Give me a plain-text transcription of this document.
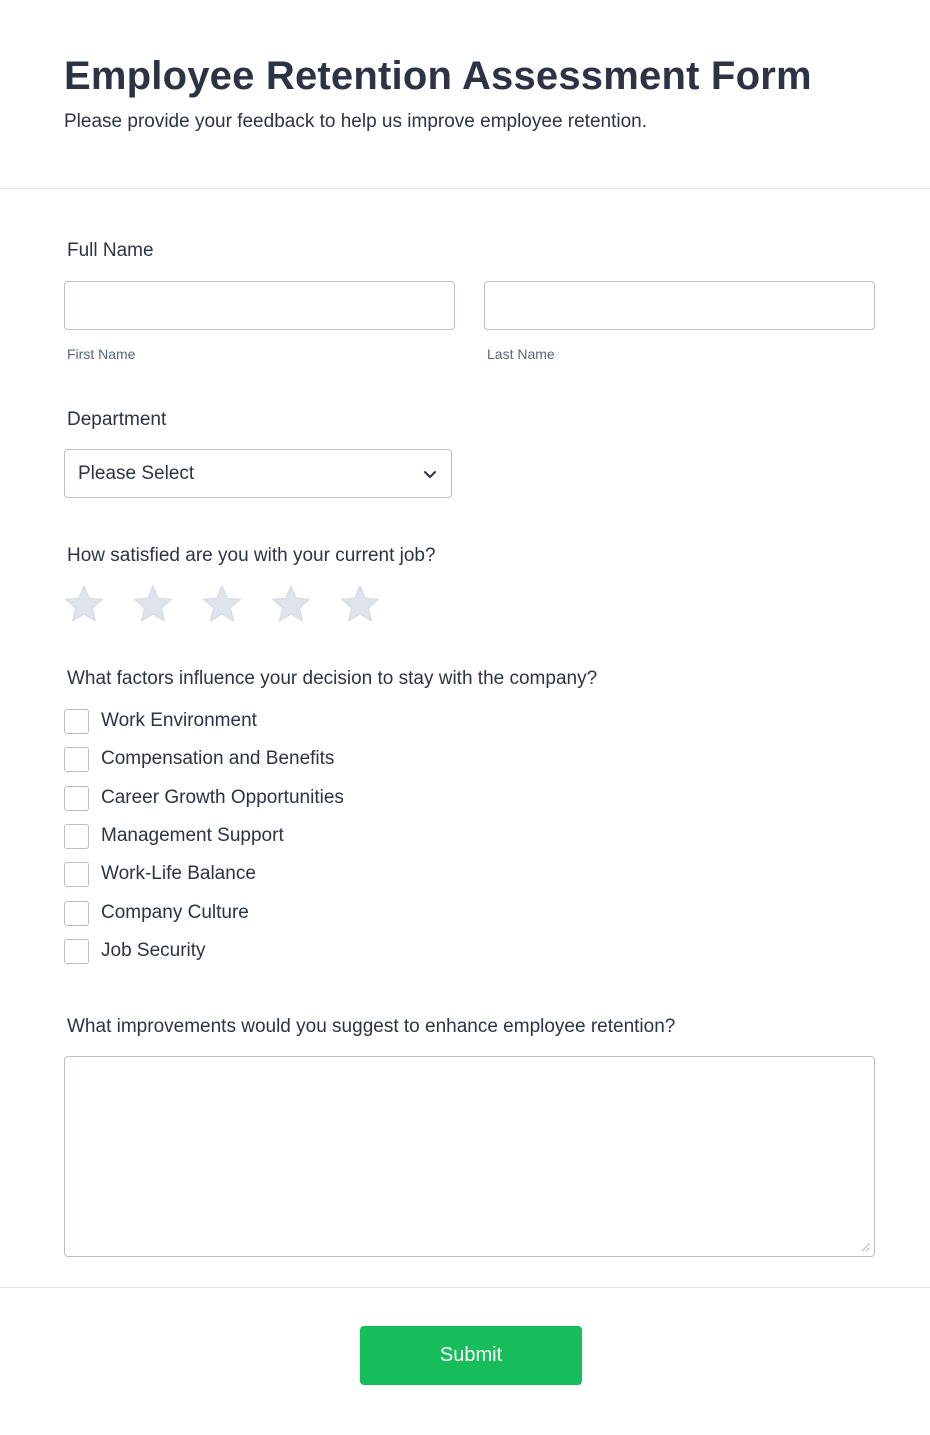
Employee Retention Assessment Form

Please provide your feedback to help us improve employee retention.

Full Name
First Name	Last Name
Department
Please Select
How satisfied are you with your current job?
What factors influence your decision to stay with the company?
Work Environment
Compensation and Benefits
Career Growth Opportunities
Management Support
Work-Life Balance
Company Culture
Job Security
What improvements would you suggest to enhance employee retention?
Submit
